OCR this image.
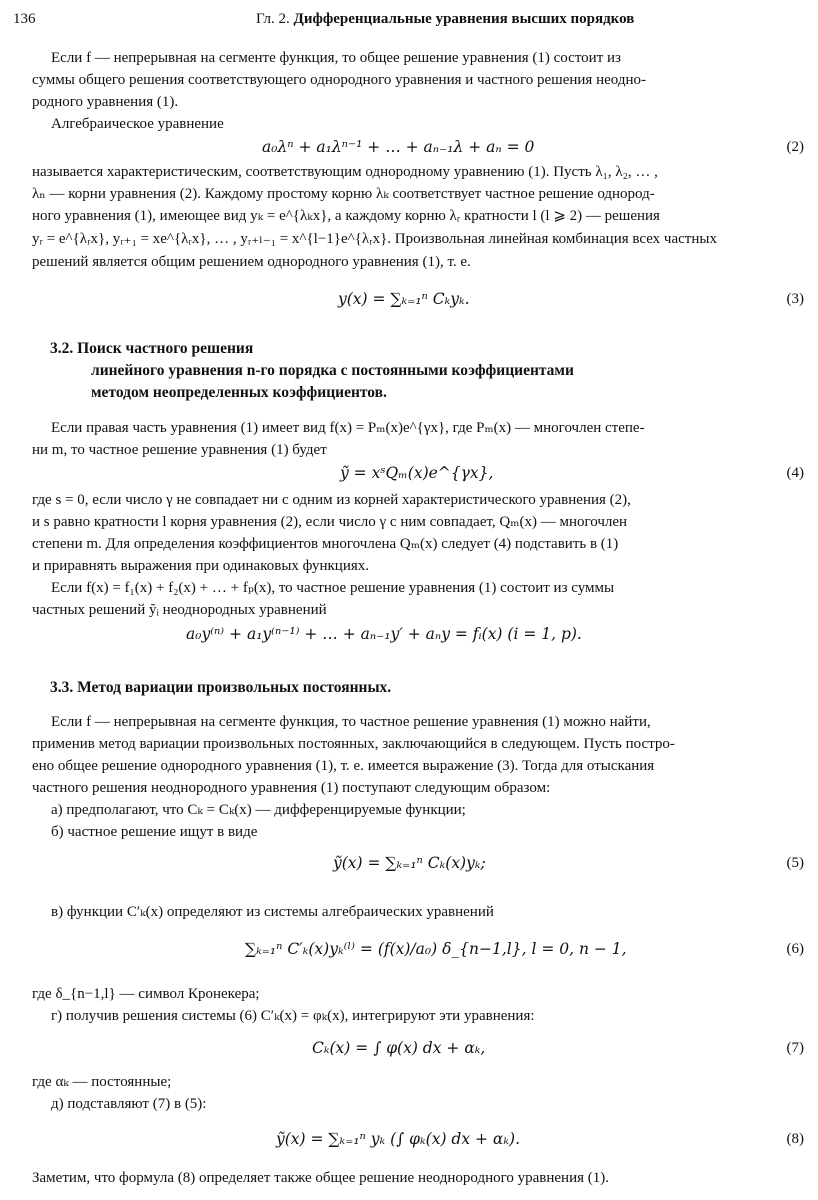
136	Гл. 2. Дифференциальные уравнения высших порядков
Если f — непрерывная на сегменте функция, то общее решение уравнения (1) состоит из
суммы общего решения соответствующего однородного уравнения и частного решения неодно-
родного уравнения (1).
Алгебраическое уравнение
называется характеристическим, соответствующим однородному уравнению (1). Пусть λ₁, λ₂, … ,
λₙ — корни уравнения (2). Каждому простому корню λₖ соответствует частное решение однород-
ного уравнения (1), имеющее вид yₖ = e^{λₖx}, а каждому корню λᵣ кратности l (l ⩾ 2) — решения
yᵣ = e^{λᵣx}, yᵣ₊₁ = xe^{λᵣx}, … , yᵣ₊ₗ₋₁ = x^{l−1}e^{λᵣx}. Произвольная линейная комбинация всех частных
решений является общим решением однородного уравнения (1), т. е.
Если правая часть уравнения (1) имеет вид f(x) = Pₘ(x)e^{γx}, где Pₘ(x) — многочлен степе-
ни m, то частное решение уравнения (1) будет
где s = 0, если число γ не совпадает ни с одним из корней характеристического уравнения (2),
и s равно кратности l корня уравнения (2), если число γ с ним совпадает, Qₘ(x) — многочлен
степени m. Для определения коэффициентов многочлена Qₘ(x) следует (4) подставить в (1)
и приравнять выражения при одинаковых функциях.
Если f(x) = f₁(x) + f₂(x) + … + fₚ(x), то частное решение уравнения (1) состоит из суммы
частных решений ỹᵢ неоднородных уравнений
Если f — непрерывная на сегменте функция, то частное решение уравнения (1) можно найти,
применив метод вариации произвольных постоянных, заключающийся в следующем. Пусть постро-
ено общее решение однородного уравнения (1), т. е. имеется выражение (3). Тогда для отыскания
частного решения неоднородного уравнения (1) поступают следующим образом:
а) предполагают, что Cₖ = Cₖ(x) — дифференцируемые функции;
б) частное решение ищут в виде
в) функции C′ₖ(x) определяют из системы алгебраических уравнений
где δ_{n−1,l} — символ Кронекера;
г) получив решения системы (6) C′ₖ(x) = φₖ(x), интегрируют эти уравнения:
где αₖ — постоянные;
д) подставляют (7) в (5):
Заметим, что формула (8) определяет также общее решение неоднородного уравнения (1).
3.2. Поиск частного решения
линейного уравнения n-го порядка с постоянными коэффициентами
методом неопределенных коэффициентов.
3.3. Метод вариации произвольных постоянных.
a₀λⁿ + a₁λⁿ⁻¹ + … + aₙ₋₁λ + aₙ = 0	(2)
y(x) = ∑ₖ₌₁ⁿ Cₖyₖ.	(3)
ỹ = xˢQₘ(x)e^{γx},	(4)
a₀y⁽ⁿ⁾ + a₁y⁽ⁿ⁻¹⁾ + … + aₙ₋₁y′ + aₙy = fᵢ(x) (i = 1, p).
ỹ(x) = ∑ₖ₌₁ⁿ Cₖ(x)yₖ;	(5)
∑ₖ₌₁ⁿ C′ₖ(x)yₖ⁽ˡ⁾ = (f(x)/a₀) δ_{n−1,l}, l = 0, n − 1,	(6)
Cₖ(x) = ∫ φ(x) dx + αₖ,	(7)
ỹ(x) = ∑ₖ₌₁ⁿ yₖ (∫ φₖ(x) dx + αₖ).	(8)
